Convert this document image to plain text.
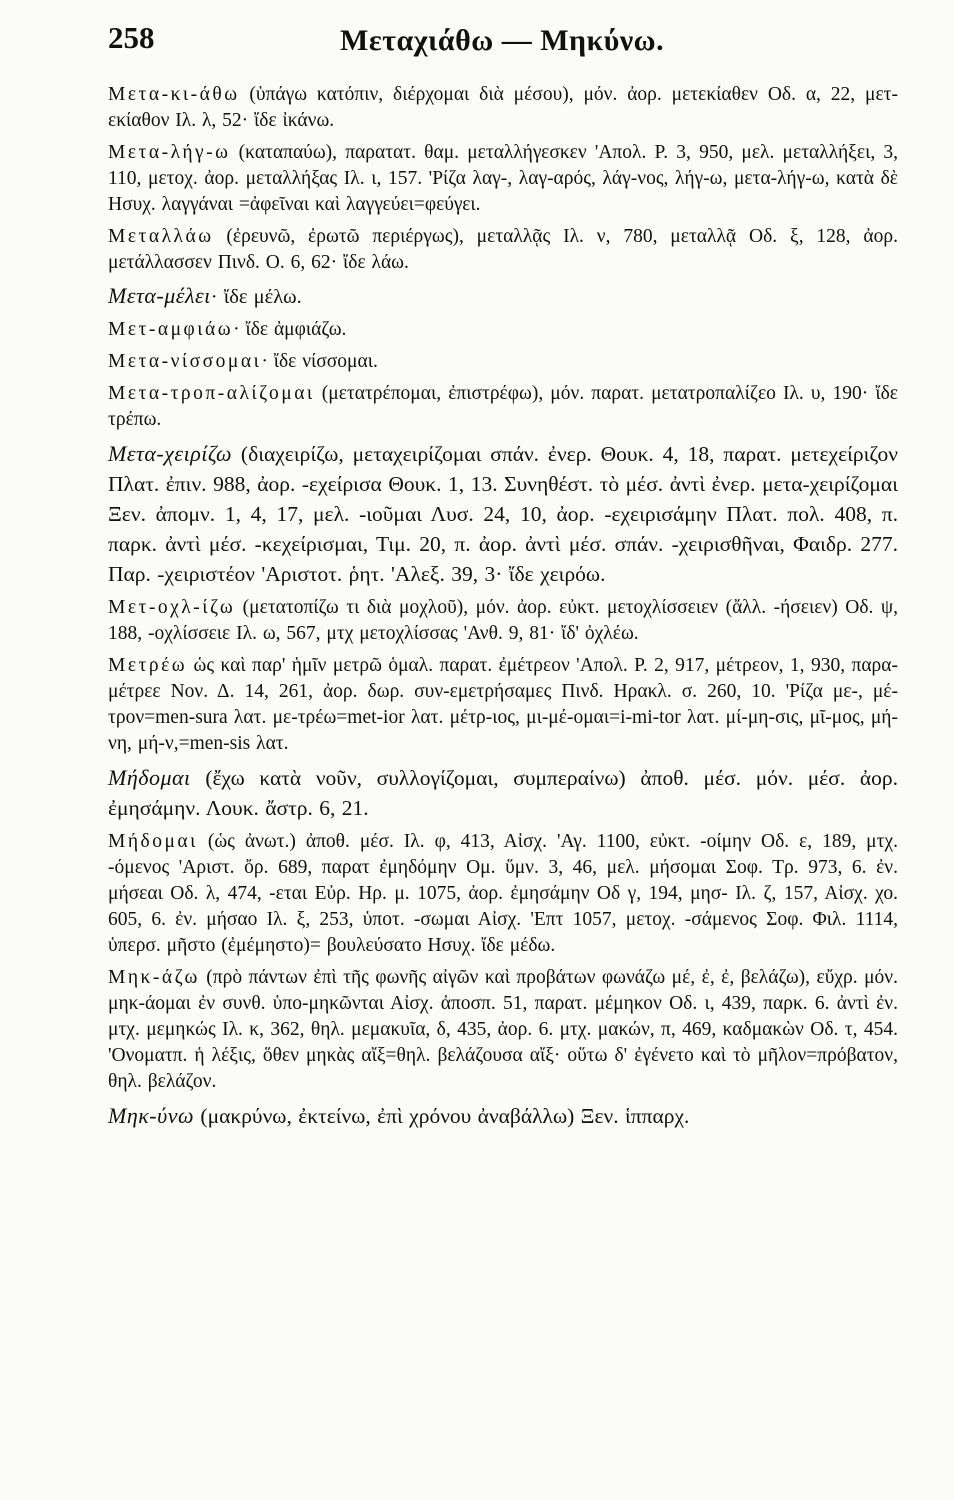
258	Μεταχιάθω — Μηκύνω.

Μετα-κι-άθω (ὑπάγω κατόπιν, διέρχομαι διὰ μέσου), μόν. ἀορ. μετεκίαθεν Οδ. α, 22, μετ-εκίαθον Ιλ. λ, 52· ἴδε ἰκάνω.

Μετα-λήγ-ω (καταπαύω), παρατατ. θαμ. μεταλλήγεσκεν 'Απολ. Ρ. 3, 950, μελ. μεταλλήξει, 3, 110, μετοχ. ἀορ. μεταλλήξας Ιλ. ι, 157. 'Ρίζα λαγ-, λαγ-αρός, λάγ-νος, λήγ-ω, μετα-λήγ-ω, κατὰ δὲ Ησυχ. λαγγάναι =ἀφεῖναι καὶ λαγγεύει=φεύγει.

Μεταλλάω (ἐρευνῶ, ἐρωτῶ περιέργως), μεταλλᾷς Ιλ. ν, 780, μεταλλᾷ Οδ. ξ, 128, ἀορ. μετάλλασσεν Πινδ. Ο. 6, 62· ἴδε λάω.

Μετα-μέλει· ἴδε μέλω.

Μετ-αμφιάω· ἴδε ἀμφιάζω.

Μετα-νίσσομαι· ἴδε νίσσομαι.

Μετα-τροπ-αλίζομαι (μετατρέπομαι, ἐπιστρέφω), μόν. παρατ. μετατροπαλίζεο Ιλ. υ, 190· ἴδε τρέπω.

Μετα-χειρίζω (διαχειρίζω, μεταχειρίζομαι σπάν. ἐνερ. Θουκ. 4, 18, παρατ. μετεχείριζον Πλατ. ἐπιν. 988, ἀορ. -εχείρισα Θουκ. 1, 13. Συνηθέστ. τὸ μέσ. ἀντὶ ἐνερ. μετα-χειρίζομαι Ξεν. ἀπομν. 1, 4, 17, μελ. -ιοῦμαι Λυσ. 24, 10, ἀορ. -εχειρισάμην Πλατ. πολ. 408, π. παρκ. ἀντὶ μέσ. -κεχείρισμαι, Τιμ. 20, π. ἀορ. ἀντὶ μέσ. σπάν. -χειρισθῆναι, Φαιδρ. 277. Παρ. -χειριστέον 'Αριστοτ. ῥητ. 'Αλεξ. 39, 3· ἴδε χειρόω.

Μετ-οχλ-ίζω (μετατοπίζω τι διὰ μοχλοῦ), μόν. ἀορ. εὐκτ. μετοχλίσσειεν (ἄλλ. -ήσειεν) Οδ. ψ, 188, -οχλίσσειε Ιλ. ω, 567, μτχ μετοχλίσσας 'Ανθ. 9, 81· ἴδ' ὀχλέω.

Μετρέω ὡς καὶ παρ' ἡμῖν μετρῶ ὁμαλ. παρατ. ἐμέτρεον 'Απολ. Ρ. 2, 917, μέτρεον, 1, 930, παρα-μέτρεε Νον. Δ. 14, 261, ἀορ. δωρ. συν-εμετρήσαμες Πινδ. Ηρακλ. σ. 260, 10. 'Ρίζα με-, μέ-τρον=men-sura λατ. με-τρέω=met-ior λατ. μέτρ-ιος, μι-μέ-ομαι=i-mi-tor λατ. μί-μη-σις, μῖ-μος, μή-νη, μή-ν,=men-sis λατ.

Μήδομαι (ἔχω κατὰ νοῦν, συλλογίζομαι, συμπεραίνω) ἀποθ. μέσ. μόν. μέσ. ἀορ. ἐμησάμην. Λουκ. ἄστρ. 6, 21.

Μήδομαι (ὡς ἀνωτ.) ἀποθ. μέσ. Ιλ. φ, 413, Αἰσχ. 'Αγ. 1100, εὐκτ. -οίμην Οδ. ε, 189, μτχ. -όμενος 'Αριστ. ὄρ. 689, παρατ ἐμηδόμην Ομ. ὕμν. 3, 46, μελ. μήσομαι Σοφ. Τρ. 973, 6. ἐν. μήσεαι Οδ. λ, 474, -εται Εὐρ. Ηρ. μ. 1075, ἀορ. ἐμησάμην Οδ γ, 194, μησ- Ιλ. ζ, 157, Αἰσχ. χο. 605, 6. ἐν. μήσαο Ιλ. ξ, 253, ὑποτ. -σωμαι Αἰσχ. 'Επτ 1057, μετοχ. -σάμενος Σοφ. Φιλ. 1114, ὑπερσ. μῆστο (ἐμέμηστο)= βουλεύσατο Ησυχ. ἴδε μέδω.

Μηκ-άζω (πρὸ πάντων ἐπὶ τῆς φωνῆς αἰγῶν καὶ προβάτων φωνάζω μέ, ἐ, ἐ, βελάζω), εὔχρ. μόν. μηκ-άομαι ἐν συνθ. ὑπο-μηκῶνται Αἰσχ. ἀποσπ. 51, παρατ. μέμηκον Οδ. ι, 439, παρκ. 6. ἀντὶ ἐν. μτχ. μεμηκώς Ιλ. κ, 362, θηλ. μεμακυῖα, δ, 435, ἀορ. 6. μτχ. μακών, π, 469, καδμακὼν Οδ. τ, 454. 'Ονοματπ. ἡ λέξις, ὅθεν μηκὰς αἴξ=θηλ. βελάζουσα αἴξ· οὕτω δ' ἐγένετο καὶ τὸ μῆλον=πρόβατον, θηλ. βελάζον.

Μηκ-ύνω (μακρύνω, ἐκτείνω, ἐπὶ χρόνου ἀναβάλλω) Ξεν. ἱππαρχ.
